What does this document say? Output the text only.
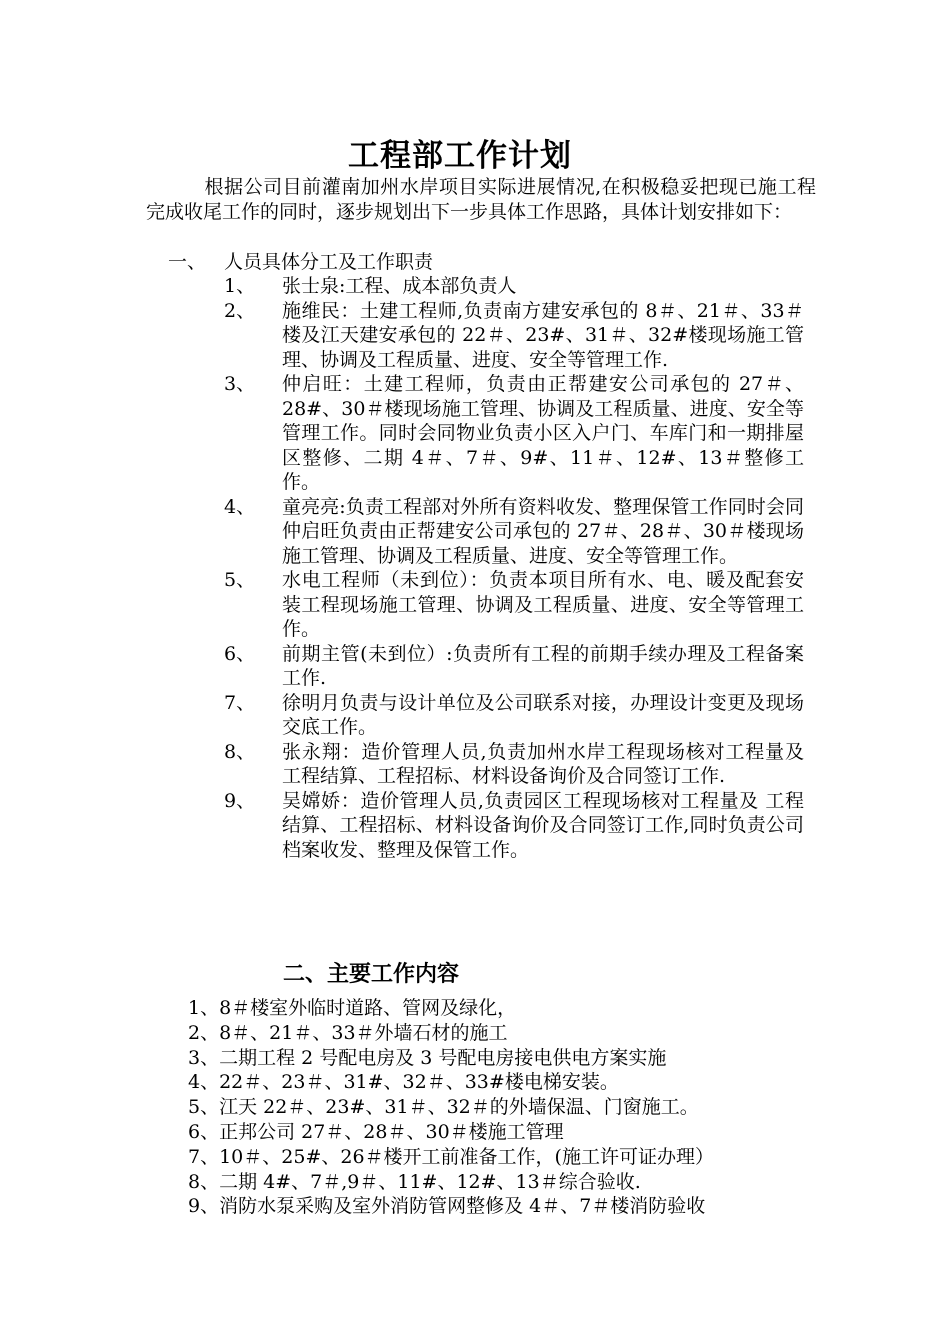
工程部工作计划
根据公司目前灌南加州水岸项目实际进展情况,在积极稳妥把现已施工程完成收尾工作的同时，逐步规划出下一步具体工作思路，具体计划安排如下：
一、 人员具体分工及工作职责
1、	张士泉:工程、成本部负责人
2、	施维民：土建工程师,负责南方建安承包的 8＃、21＃、33＃楼及江天建安承包的 22＃、23#、31＃、32#楼现场施工管理、协调及工程质量、进度、安全等管理工作.
3、	仲启旺：土建工程师，负责由正帮建安公司承包的 27＃、28#、30＃楼现场施工管理、协调及工程质量、进度、安全等管理工作。同时会同物业负责小区入户门、车库门和一期排屋区整修、二期 4＃、7＃、9#、11＃、12#、13＃整修工作。
4、	童亮亮:负责工程部对外所有资料收发、整理保管工作同时会同仲启旺负责由正帮建安公司承包的 27＃、28＃、30＃楼现场施工管理、协调及工程质量、进度、安全等管理工作。
5、	水电工程师（未到位）：负责本项目所有水、电、暖及配套安装工程现场施工管理、协调及工程质量、进度、安全等管理工作。
6、	前期主管(未到位）:负责所有工程的前期手续办理及工程备案工作.
7、	徐明月负责与设计单位及公司联系对接，办理设计变更及现场交底工作。
8、	张永翔：造价管理人员,负责加州水岸工程现场核对工程量及 工程结算、工程招标、材料设备询价及合同签订工作.
9、	吴嫦娇：造价管理人员,负责园区工程现场核对工程量及 工程结算、工程招标、材料设备询价及合同签订工作,同时负责公司档案收发、整理及保管工作。
二、主要工作内容
1、8＃楼室外临时道路、管网及绿化，
2、8＃、21＃、33＃外墙石材的施工
3、二期工程 2 号配电房及 3 号配电房接电供电方案实施
4、22＃、23＃、31#、32＃、33#楼电梯安装。
5、江天 22＃、23#、31＃、32＃的外墙保温、门窗施工。
6、正邦公司 27＃、28＃、30＃楼施工管理
7、10＃、25#、26＃楼开工前准备工作，(施工许可证办理）
8、二期 4#、7＃,9＃、11#、12#、13＃综合验收.
9、消防水泵采购及室外消防管网整修及 4＃、7＃楼消防验收
